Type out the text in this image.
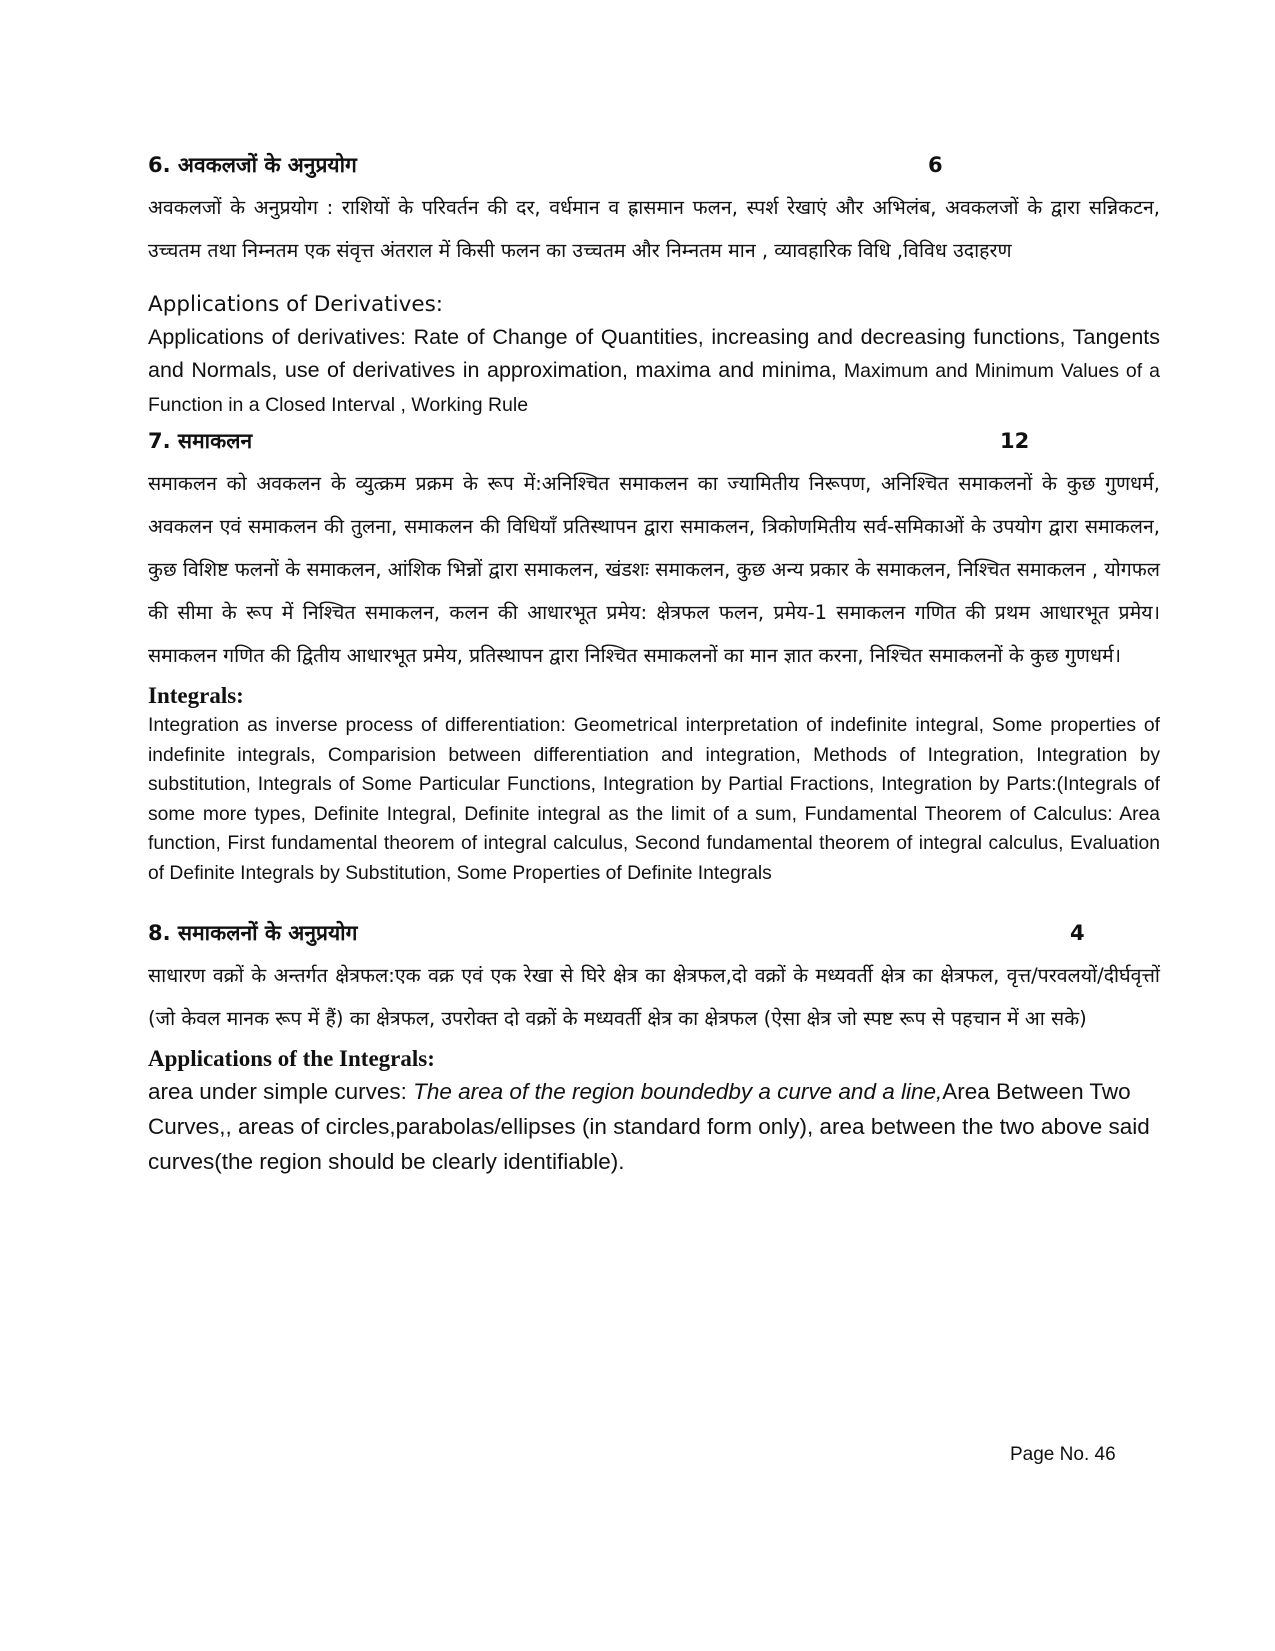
6. अवकलजों के अनुप्रयोग	6

अवकलजों के अनुप्रयोग : राशियों के परिवर्तन की दर, वर्धमान व ह्रासमान फलन, स्पर्श रेखाएं और अभिलंब, अवकलजों के द्वारा सन्निकटन, उच्चतम तथा निम्नतम एक संवृत्त अंतराल में किसी फलन का उच्चतम और निम्नतम मान , व्यावहारिक विधि ,विविध उदाहरण

Applications of Derivatives:

Applications of derivatives: Rate of Change of Quantities, increasing and decreasing functions, Tangents and Normals, use of derivatives in approximation, maxima and minima, Maximum and Minimum Values of a Function in a Closed Interval , Working Rule

7. समाकलन	12

समाकलन को अवकलन के व्युत्क्रम प्रक्रम के रूप में:अनिश्चित समाकलन का ज्यामितीय निरूपण, अनिश्चित समाकलनों के कुछ गुणधर्म, अवकलन एवं समाकलन की तुलना, समाकलन की विधियाँ प्रतिस्थापन द्वारा समाकलन, त्रिकोणमितीय सर्व-समिकाओं के उपयोग द्वारा समाकलन, कुछ विशिष्ट फलनों के समाकलन, आंशिक भिन्नों द्वारा समाकलन, खंडशः समाकलन, कुछ अन्य प्रकार के समाकलन, निश्चित समाकलन , योगफल की सीमा के रूप में निश्चित समाकलन, कलन की आधारभूत प्रमेय: क्षेत्रफल फलन, प्रमेय-1 समाकलन गणित की प्रथम आधारभूत प्रमेय। समाकलन गणित की द्वितीय आधारभूत प्रमेय, प्रतिस्थापन द्वारा निश्चित समाकलनों का मान ज्ञात करना, निश्चित समाकलनों के कुछ गुणधर्म।

Integrals:

Integration as inverse process of differentiation: Geometrical interpretation of indefinite integral, Some properties of indefinite integrals, Comparision between differentiation and integration, Methods of Integration, Integration by substitution, Integrals of Some Particular Functions, Integration by Partial Fractions, Integration by Parts:(Integrals of some more types, Definite Integral, Definite integral as the limit of a sum, Fundamental Theorem of Calculus: Area function, First fundamental theorem of integral calculus, Second fundamental theorem of integral calculus, Evaluation of Definite Integrals by Substitution, Some Properties of Definite Integrals

8. समाकलनों के अनुप्रयोग	4

साधारण वक्रों के अन्तर्गत क्षेत्रफल:एक वक्र एवं एक रेखा से घिरे क्षेत्र का क्षेत्रफल,दो वक्रों के मध्यवर्ती क्षेत्र का क्षेत्रफल, वृत्त/परवलयों/दीर्घवृत्तों (जो केवल मानक रूप में हैं) का क्षेत्रफल, उपरोक्त दो वक्रों के मध्यवर्ती क्षेत्र का क्षेत्रफल (ऐसा क्षेत्र जो स्पष्ट रूप से पहचान में आ सके)

Applications of the Integrals:

area under simple curves: The area of the region boundedby a curve and a line,Area Between Two Curves,, areas of circles,parabolas/ellipses (in standard form only), area between the two above said curves(the region should be clearly identifiable).

Page No. 46
